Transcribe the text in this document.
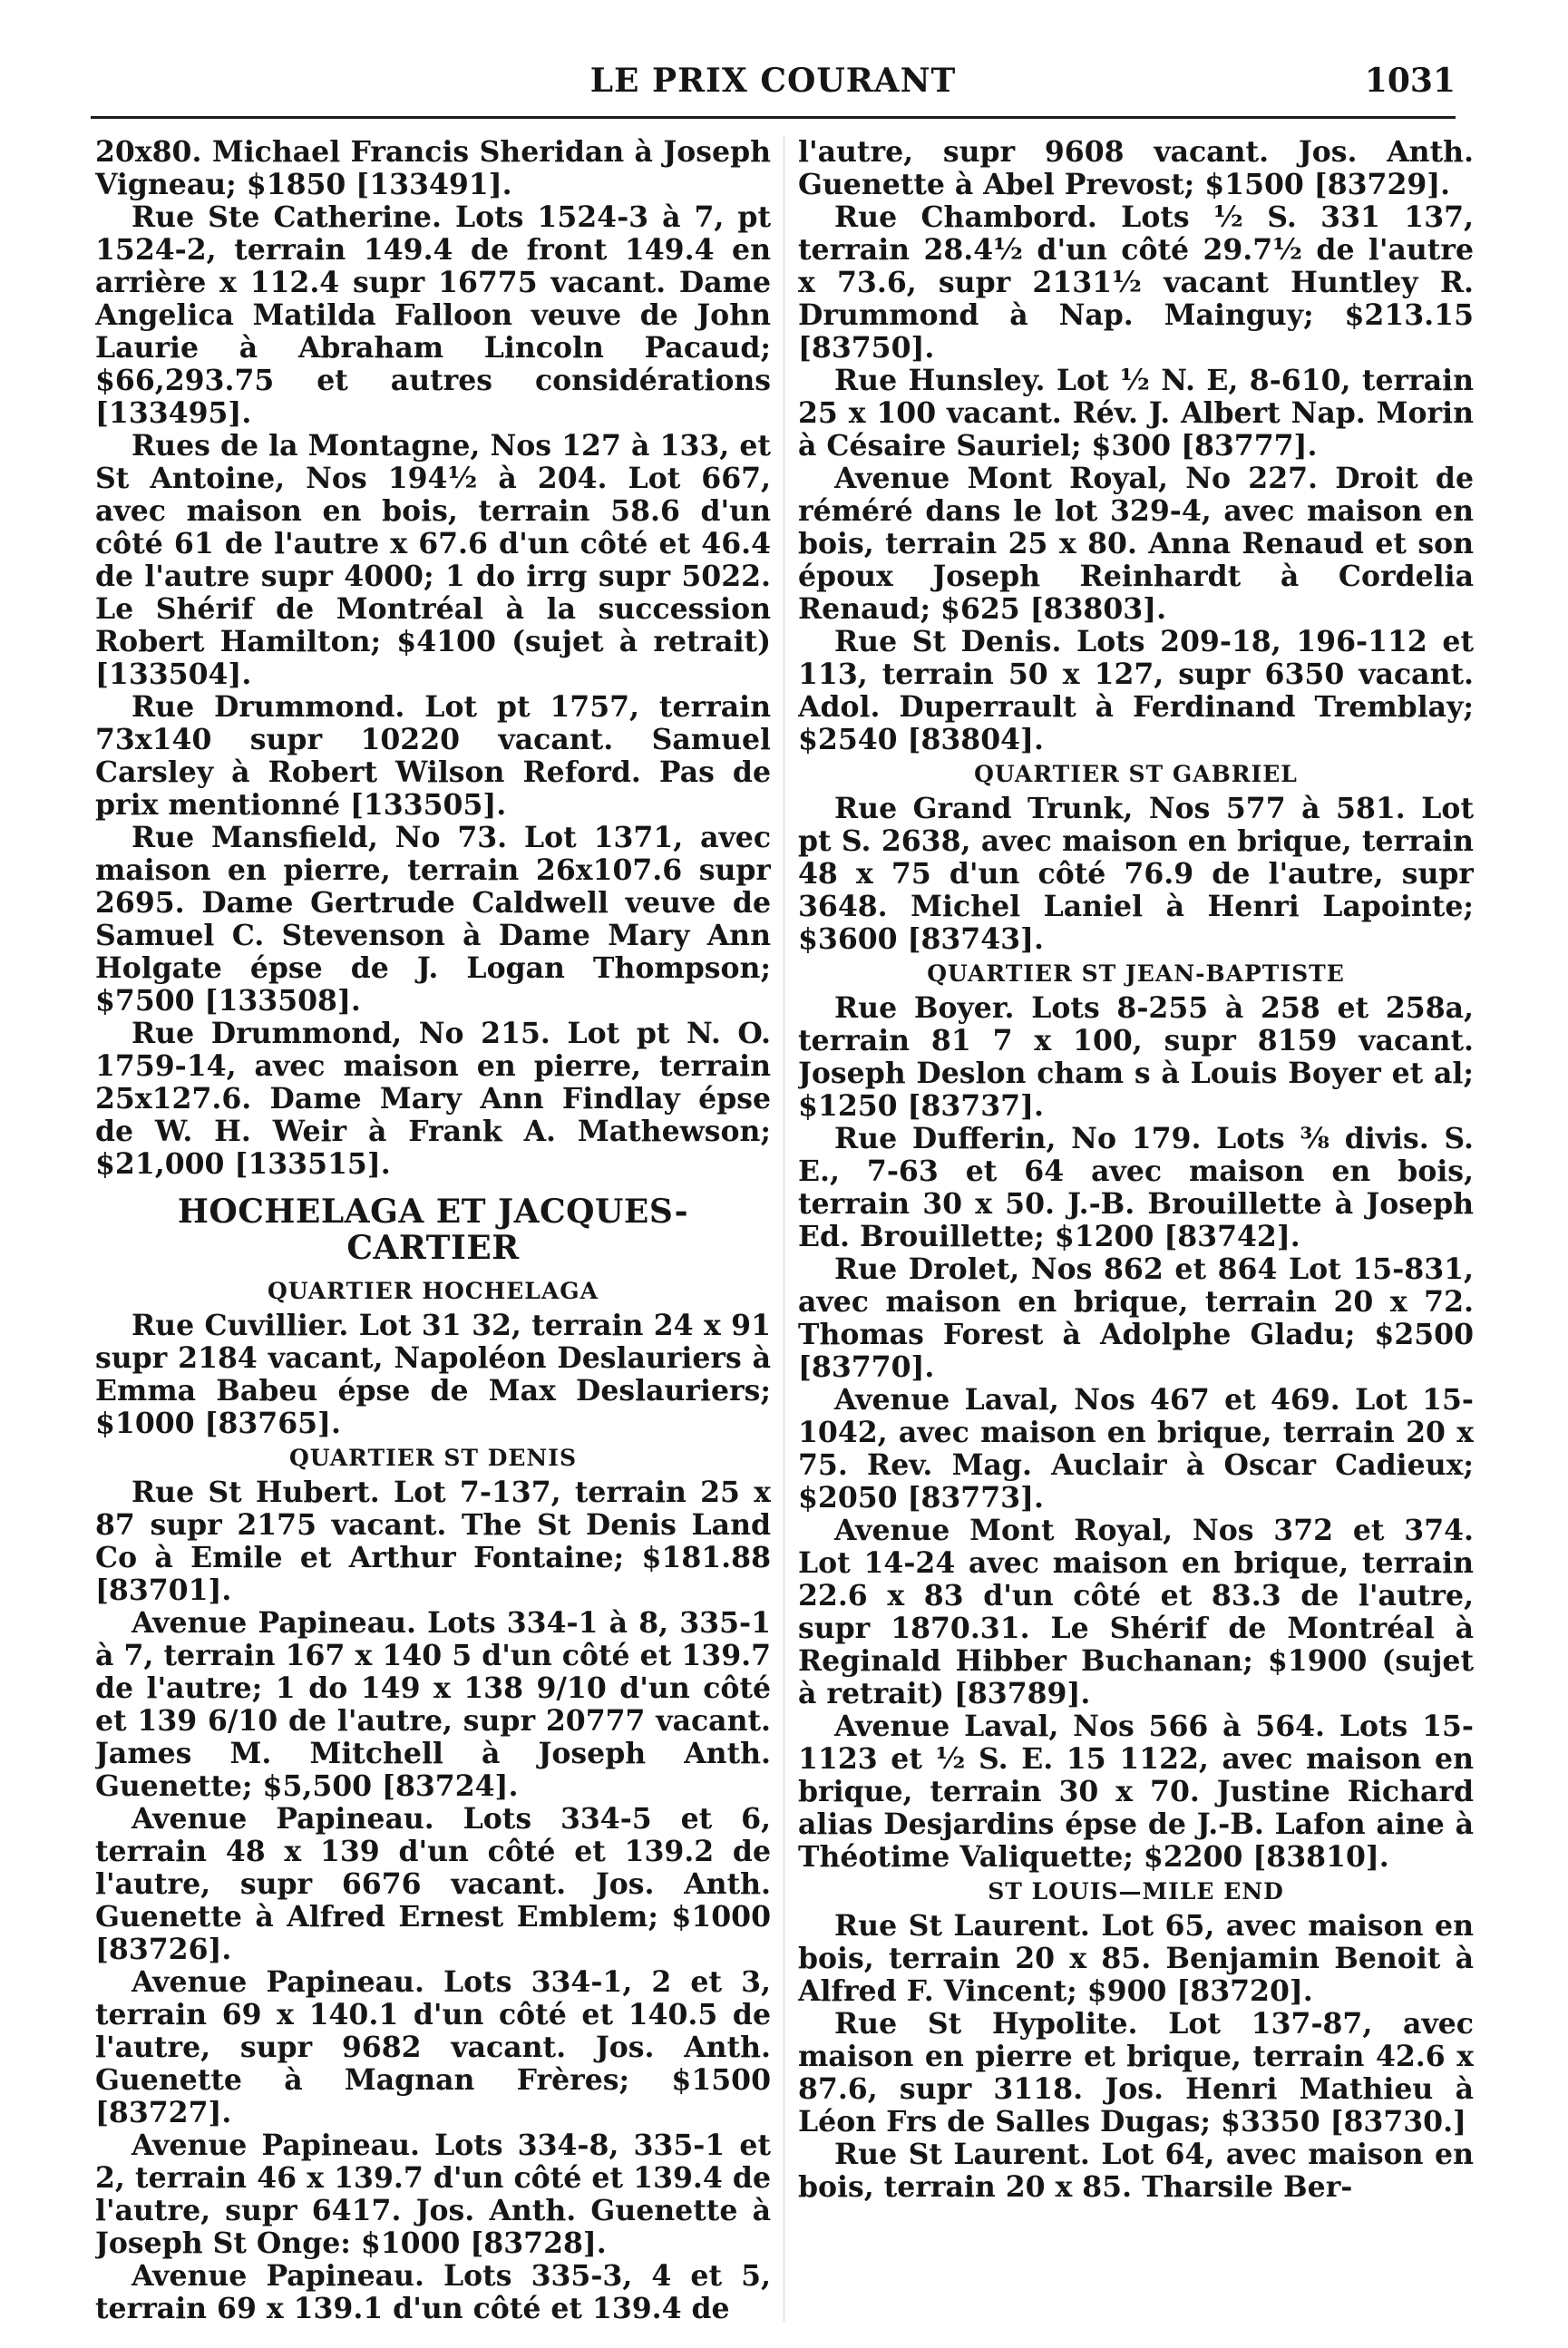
LE PRIX COURANT	1031

20x80. Michael Francis Sheridan à Joseph Vigneau; $1850 [133491].

Rue Ste Catherine. Lots 1524-3 à 7, pt 1524-2, terrain 149.4 de front 149.4 en arrière x 112.4 supr 16775 vacant. Dame Angelica Matilda Falloon veuve de John Laurie à Abraham Lincoln Pacaud; $66,293.75 et autres considérations [133495].

Rues de la Montagne, Nos 127 à 133, et St Antoine, Nos 194½ à 204. Lot 667, avec maison en bois, terrain 58.6 d'un côté 61 de l'autre x 67.6 d'un côté et 46.4 de l'autre supr 4000; 1 do irrg supr 5022. Le Shérif de Montréal à la succession Robert Hamilton; $4100 (sujet à retrait) [133504].

Rue Drummond. Lot pt 1757, terrain 73x140 supr 10220 vacant. Samuel Carsley à Robert Wilson Reford. Pas de prix mentionné [133505].

Rue Mansfield, No 73. Lot 1371, avec maison en pierre, terrain 26x107.6 supr 2695. Dame Gertrude Caldwell veuve de Samuel C. Stevenson à Dame Mary Ann Holgate épse de J. Logan Thompson; $7500 [133508].

Rue Drummond, No 215. Lot pt N. O. 1759-14, avec maison en pierre, terrain 25x127.6. Dame Mary Ann Findlay épse de W. H. Weir à Frank A. Mathewson; $21,000 [133515].

HOCHELAGA ET JACQUES-CARTIER
QUARTIER HOCHELAGA

Rue Cuvillier. Lot 31 32, terrain 24 x 91 supr 2184 vacant, Napoléon Deslauriers à Emma Babeu épse de Max Deslauriers; $1000 [83765].

QUARTIER ST DENIS

Rue St Hubert. Lot 7-137, terrain 25 x 87 supr 2175 vacant. The St Denis Land Co à Emile et Arthur Fontaine; $181.88 [83701].

Avenue Papineau. Lots 334-1 à 8, 335-1 à 7, terrain 167 x 140 5 d'un côté et 139.7 de l'autre; 1 do 149 x 138 9/10 d'un côté et 139 6/10 de l'autre, supr 20777 vacant. James M. Mitchell à Joseph Anth. Guenette; $5,500 [83724].

Avenue Papineau. Lots 334-5 et 6, terrain 48 x 139 d'un côté et 139.2 de l'autre, supr 6676 vacant. Jos. Anth. Guenette à Alfred Ernest Emblem; $1000 [83726].

Avenue Papineau. Lots 334-1, 2 et 3, terrain 69 x 140.1 d'un côté et 140.5 de l'autre, supr 9682 vacant. Jos. Anth. Guenette à Magnan Frères; $1500 [83727].

Avenue Papineau. Lots 334-8, 335-1 et 2, terrain 46 x 139.7 d'un côté et 139.4 de l'autre, supr 6417. Jos. Anth. Guenette à Joseph St Onge: $1000 [83728].

Avenue Papineau. Lots 335-3, 4 et 5, terrain 69 x 139.1 d'un côté et 139.4 de

l'autre, supr 9608 vacant. Jos. Anth. Guenette à Abel Prevost; $1500 [83729].

Rue Chambord. Lots ½ S. 331 137, terrain 28.4½ d'un côté 29.7½ de l'autre x 73.6, supr 2131½ vacant Huntley R. Drummond à Nap. Mainguy; $213.15 [83750].

Rue Hunsley. Lot ½ N. E, 8-610, terrain 25 x 100 vacant. Rév. J. Albert Nap. Morin à Césaire Sauriel; $300 [83777].

Avenue Mont Royal, No 227. Droit de réméré dans le lot 329-4, avec maison en bois, terrain 25 x 80. Anna Renaud et son époux Joseph Reinhardt à Cordelia Renaud; $625 [83803].

Rue St Denis. Lots 209-18, 196-112 et 113, terrain 50 x 127, supr 6350 vacant. Adol. Duperrault à Ferdinand Tremblay; $2540 [83804].

QUARTIER ST GABRIEL

Rue Grand Trunk, Nos 577 à 581. Lot pt S. 2638, avec maison en brique, terrain 48 x 75 d'un côté 76.9 de l'autre, supr 3648. Michel Laniel à Henri Lapointe; $3600 [83743].

QUARTIER ST JEAN-BAPTISTE

Rue Boyer. Lots 8-255 à 258 et 258a, terrain 81 7 x 100, supr 8159 vacant. Joseph Deslon cham s à Louis Boyer et al; $1250 [83737].

Rue Dufferin, No 179. Lots ⅜ divis. S. E., 7-63 et 64 avec maison en bois, terrain 30 x 50. J.-B. Brouillette à Joseph Ed. Brouillette; $1200 [83742].

Rue Drolet, Nos 862 et 864 Lot 15-831, avec maison en brique, terrain 20 x 72. Thomas Forest à Adolphe Gladu; $2500 [83770].

Avenue Laval, Nos 467 et 469. Lot 15-1042, avec maison en brique, terrain 20 x 75. Rev. Mag. Auclair à Oscar Cadieux; $2050 [83773].

Avenue Mont Royal, Nos 372 et 374. Lot 14-24 avec maison en brique, terrain 22.6 x 83 d'un côté et 83.3 de l'autre, supr 1870.31. Le Shérif de Montréal à Reginald Hibber Buchanan; $1900 (sujet à retrait) [83789].

Avenue Laval, Nos 566 à 564. Lots 15-1123 et ½ S. E. 15 1122, avec maison en brique, terrain 30 x 70. Justine Richard alias Desjardins épse de J.-B. Lafon aine à Théotime Valiquette; $2200 [83810].

ST LOUIS—MILE END

Rue St Laurent. Lot 65, avec maison en bois, terrain 20 x 85. Benjamin Benoit à Alfred F. Vincent; $900 [83720].

Rue St Hypolite. Lot 137-87, avec maison en pierre et brique, terrain 42.6 x 87.6, supr 3118. Jos. Henri Mathieu à Léon Frs de Salles Dugas; $3350 [83730.]

Rue St Laurent. Lot 64, avec maison en bois, terrain 20 x 85. Tharsile Ber-
